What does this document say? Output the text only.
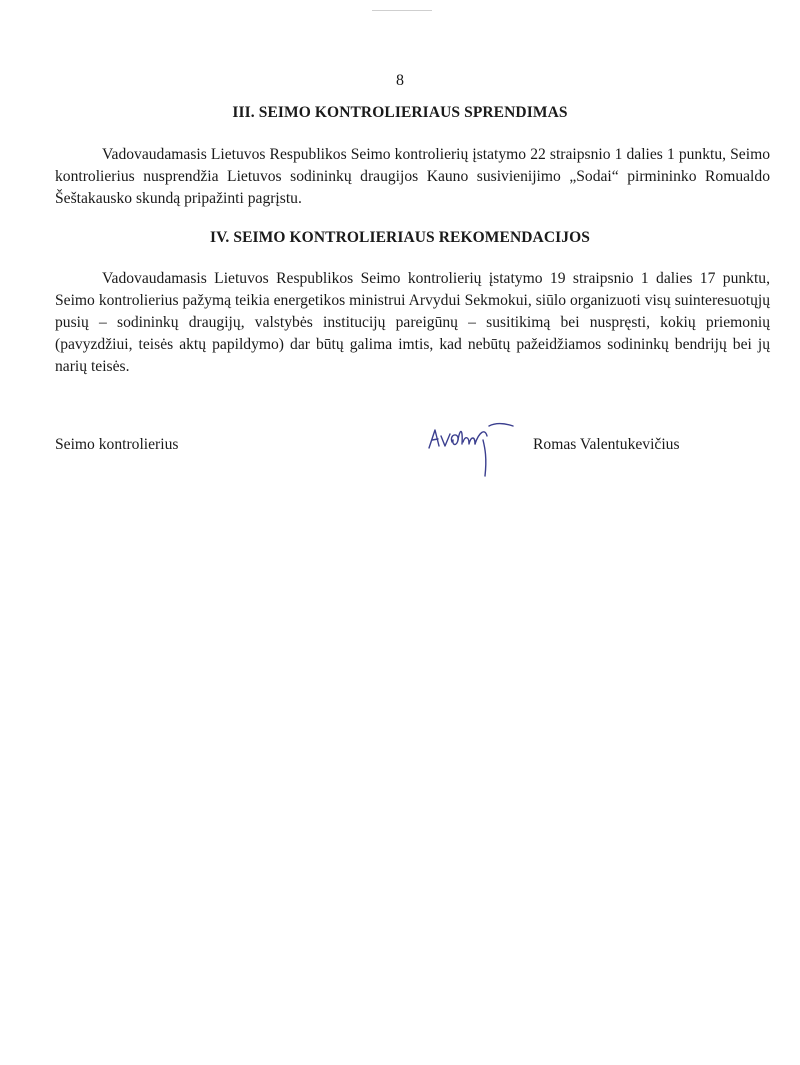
8
III. SEIMO KONTROLIERIAUS SPRENDIMAS

Vadovaudamasis Lietuvos Respublikos Seimo kontrolierių įstatymo 22 straipsnio 1 dalies 1 punktu, Seimo kontrolierius nusprendžia Lietuvos sodininkų draugijos Kauno susivienijimo „Sodai“ pirmininko Romualdo Šeštakausko skundą pripažinti pagrįstu.

IV. SEIMO KONTROLIERIAUS REKOMENDACIJOS

Vadovaudamasis Lietuvos Respublikos Seimo kontrolierių įstatymo 19 straipsnio 1 dalies 17 punktu, Seimo kontrolierius pažymą teikia energetikos ministrui Arvydui Sekmokui, siūlo organizuoti visų suinteresuotųjų pusių – sodininkų draugijų, valstybės institucijų pareigūnų – susitikimą bei nuspręsti, kokių priemonių (pavyzdžiui, teisės aktų papildymo) dar būtų galima imtis, kad nebūtų pažeidžiamos sodininkų bendrijų bei jų narių teisės.

Seimo kontrolierius	Romas Valentukevičius
